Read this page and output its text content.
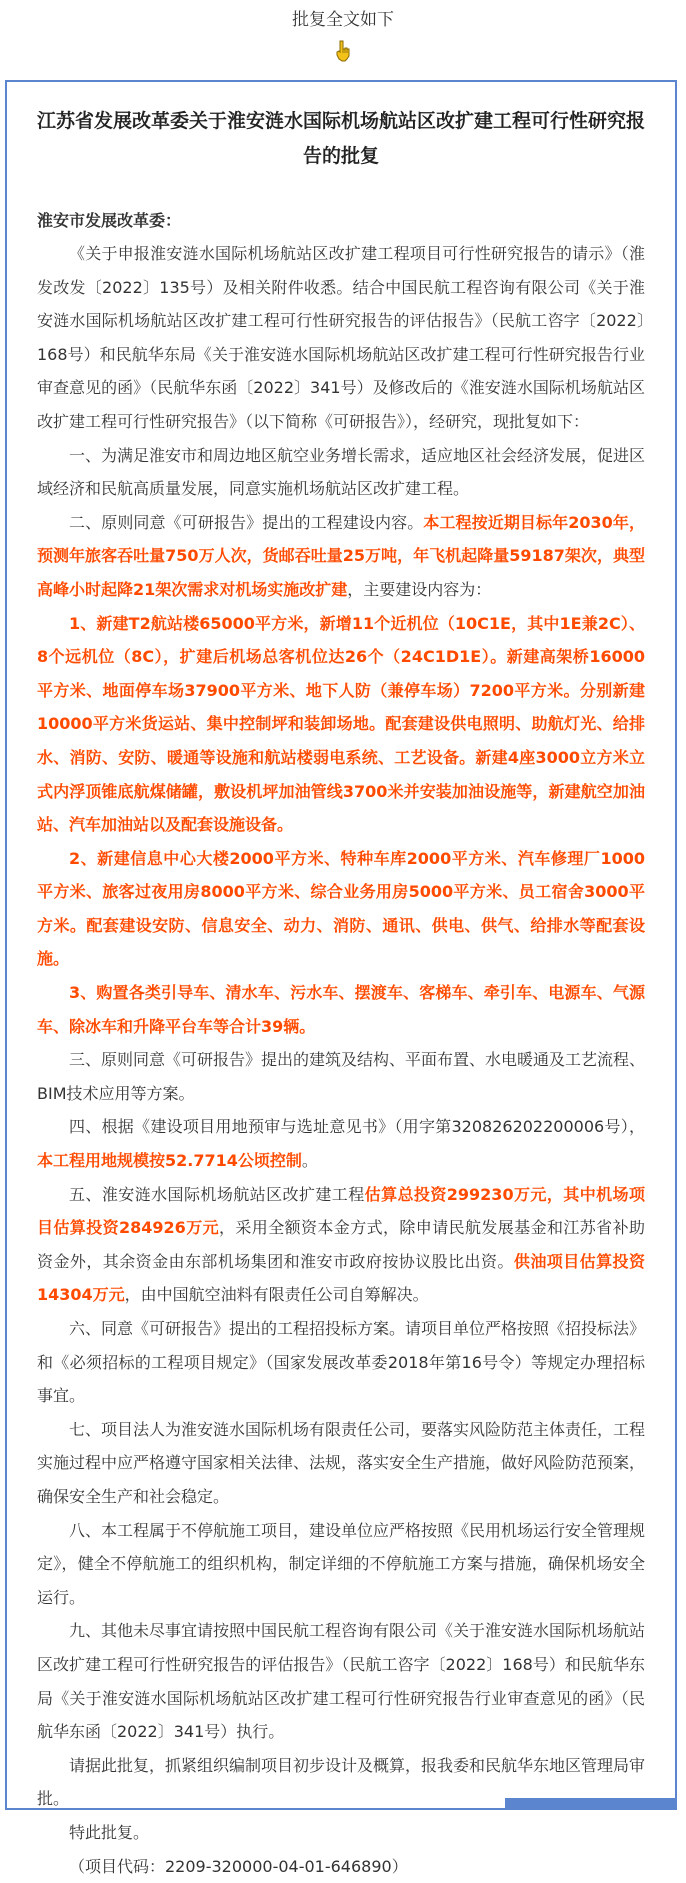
批复全文如下
江苏省发展改革委关于淮安涟水国际机场航站区改扩建工程可行性研究报告的批复
淮安市发展改革委：

《关于申报淮安涟水国际机场航站区改扩建工程项目可行性研究报告的请示》（淮发改发〔2022〕135号）及相关附件收悉。结合中国民航工程咨询有限公司《关于淮安涟水国际机场航站区改扩建工程可行性研究报告的评估报告》（民航工咨字〔2022〕168号）和民航华东局《关于淮安涟水国际机场航站区改扩建工程可行性研究报告行业审查意见的函》（民航华东函〔2022〕341号）及修改后的《淮安涟水国际机场航站区改扩建工程可行性研究报告》（以下简称《可研报告》），经研究，现批复如下：

一、为满足淮安市和周边地区航空业务增长需求，适应地区社会经济发展，促进区域经济和民航高质量发展，同意实施机场航站区改扩建工程。

二、原则同意《可研报告》提出的工程建设内容。本工程按近期目标年2030年，预测年旅客吞吐量750万人次，货邮吞吐量25万吨，年飞机起降量59187架次，典型高峰小时起降21架次需求对机场实施改扩建，主要建设内容为：

1、新建T2航站楼65000平方米，新增11个近机位（10C1E，其中1E兼2C）、8个远机位（8C），扩建后机场总客机位达26个（24C1D1E）。新建高架桥16000平方米、地面停车场37900平方米、地下人防（兼停车场）7200平方米。分别新建10000平方米货运站、集中控制坪和装卸场地。配套建设供电照明、助航灯光、给排水、消防、安防、暖通等设施和航站楼弱电系统、工艺设备。新建4座3000立方米立式内浮顶锥底航煤储罐，敷设机坪加油管线3700米并安装加油设施等，新建航空加油站、汽车加油站以及配套设施设备。

2、新建信息中心大楼2000平方米、特种车库2000平方米、汽车修理厂1000平方米、旅客过夜用房8000平方米、综合业务用房5000平方米、员工宿舍3000平方米。配套建设安防、信息安全、动力、消防、通讯、供电、供气、给排水等配套设施。

3、购置各类引导车、清水车、污水车、摆渡车、客梯车、牵引车、电源车、气源车、除冰车和升降平台车等合计39辆。

三、原则同意《可研报告》提出的建筑及结构、平面布置、水电暖通及工艺流程、BIM技术应用等方案。

四、根据《建设项目用地预审与选址意见书》（用字第320826202200006号），本工程用地规模按52.7714公顷控制。

五、淮安涟水国际机场航站区改扩建工程估算总投资299230万元，其中机场项目估算投资284926万元，采用全额资本金方式，除申请民航发展基金和江苏省补助资金外，其余资金由东部机场集团和淮安市政府按协议股比出资。供油项目估算投资14304万元，由中国航空油料有限责任公司自筹解决。

六、同意《可研报告》提出的工程招投标方案。请项目单位严格按照《招投标法》和《必须招标的工程项目规定》（国家发展改革委2018年第16号令）等规定办理招标事宜。

七、项目法人为淮安涟水国际机场有限责任公司，要落实风险防范主体责任，工程实施过程中应严格遵守国家相关法律、法规，落实安全生产措施，做好风险防范预案，确保安全生产和社会稳定。

八、本工程属于不停航施工项目，建设单位应严格按照《民用机场运行安全管理规定》，健全不停航施工的组织机构，制定详细的不停航施工方案与措施，确保机场安全运行。

九、其他未尽事宜请按照中国民航工程咨询有限公司《关于淮安涟水国际机场航站区改扩建工程可行性研究报告的评估报告》（民航工咨字〔2022〕168号）和民航华东局《关于淮安涟水国际机场航站区改扩建工程可行性研究报告行业审查意见的函》（民航华东函〔2022〕341号）执行。

请据此批复，抓紧组织编制项目初步设计及概算，报我委和民航华东地区管理局审批。

特此批复。

（项目代码：2209-320000-04-01-646890）
